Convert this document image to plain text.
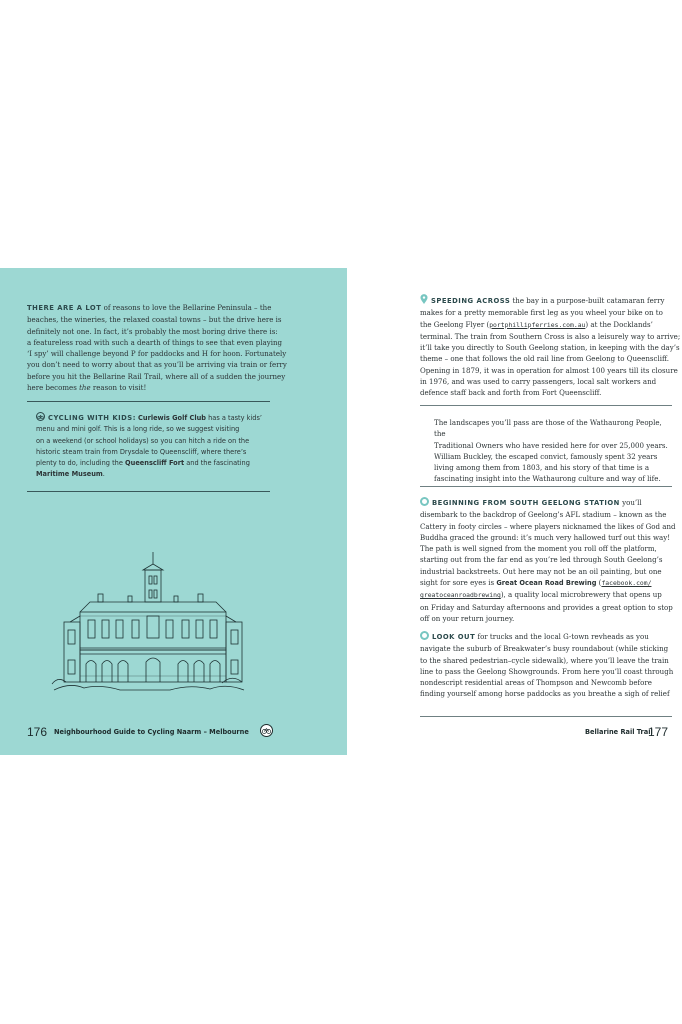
THERE ARE A LOT of reasons to love the Bellarine Peninsula – the
beaches, the wineries, the relaxed coastal towns – but the drive here is
definitely not one. In fact, it’s probably the most boring drive there is:
a featureless road with such a dearth of things to see that even playing
‘I spy’ will challenge beyond P for paddocks and H for hoon. Fortunately
you don’t need to worry about that as you’ll be arriving via train or ferry
before you hit the Bellarine Rail Trail, where all of a sudden the journey
here becomes the reason to visit!
CYCLING WITH KIDS: Curlewis Golf Club has a tasty kids’
menu and mini golf. This is a long ride, so we suggest visiting
on a weekend (or school holidays) so you can hitch a ride on the
historic steam train from Drysdale to Queenscliff, where there’s
plenty to do, including the Queenscliff Fort and the fascinating
Maritime Museum.
176 Neighbourhood Guide to Cycling Naarm – Melbourne
SPEEDING ACROSS the bay in a purpose-built catamaran ferry
makes for a pretty memorable first leg as you wheel your bike on to
the Geelong Flyer (portphillipferries.com.au) at the Docklands’
terminal. The train from Southern Cross is also a leisurely way to arrive;
it’ll take you directly to South Geelong station, in keeping with the day’s
theme – one that follows the old rail line from Geelong to Queenscliff.
Opening in 1879, it was in operation for almost 100 years till its closure
in 1976, and was used to carry passengers, local salt workers and
defence staff back and forth from Fort Queenscliff.
The landscapes you’ll pass are those of the Wathaurong People, the
Traditional Owners who have resided here for over 25,000 years.
William Buckley, the escaped convict, famously spent 32 years
living among them from 1803, and his story of that time is a
fascinating insight into the Wathaurong culture and way of life.
BEGINNING FROM SOUTH GEELONG STATION you’ll
disembark to the backdrop of Geelong’s AFL stadium – known as the
Cattery in footy circles – where players nicknamed the likes of God and
Buddha graced the ground: it’s much very hallowed turf out this way!
The path is well signed from the moment you roll off the platform,
starting out from the far end as you’re led through South Geelong’s
industrial backstreets. Out here may not be an oil painting, but one
sight for sore eyes is Great Ocean Road Brewing (facebook.com/
greatoceanroadbrewing), a quality local microbrewery that opens up
on Friday and Saturday afternoons and provides a great option to stop
off on your return journey.
LOOK OUT for trucks and the local G-town revheads as you
navigate the suburb of Breakwater’s busy roundabout (while sticking
to the shared pedestrian–cycle sidewalk), where you’ll leave the train
line to pass the Geelong Showgrounds. From here you’ll coast through
nondescript residential areas of Thompson and Newcomb before
finding yourself among horse paddocks as you breathe a sigh of relief
Bellarine Rail Trail
177
